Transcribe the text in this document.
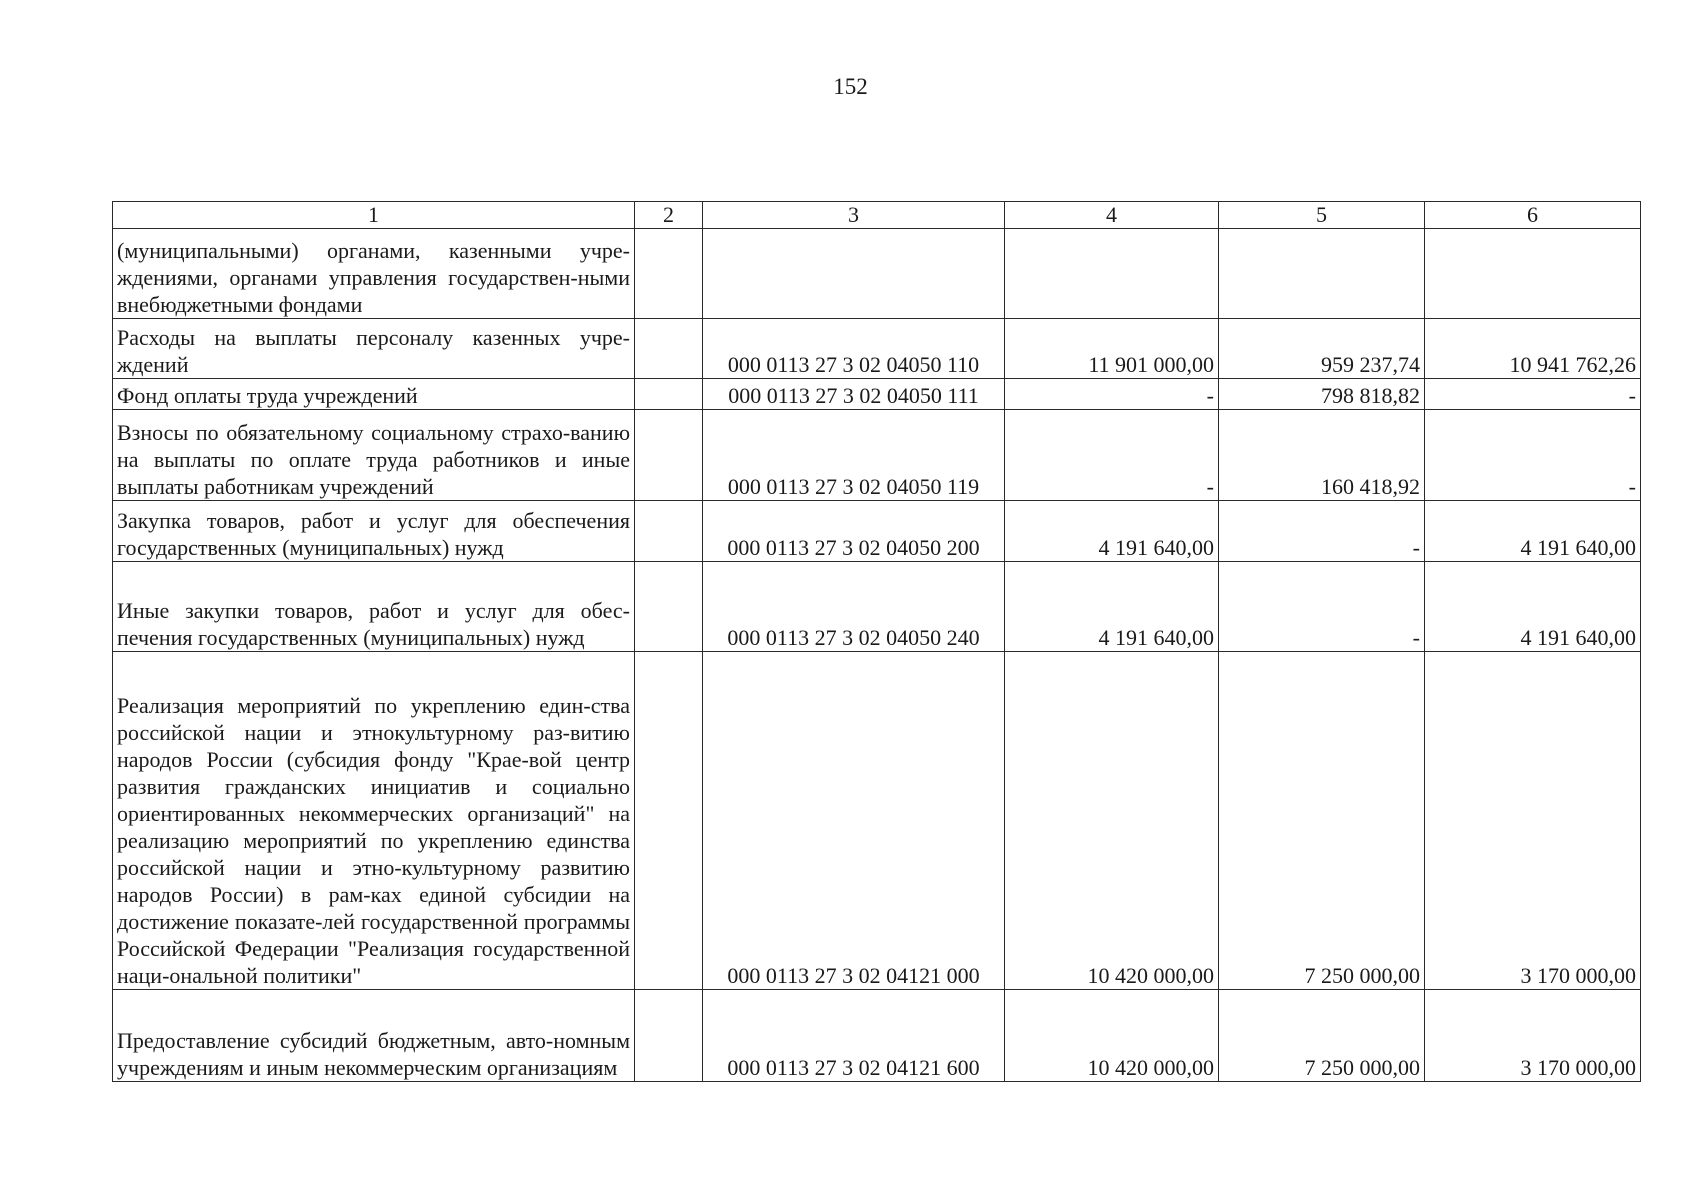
152
1	2	3	4	5	6
(муниципальными) органами, казенными учре-ждениями, органами управления государствен-ными внебюджетными фондами					
Расходы на выплаты персоналу казенных учре-ждений		000 0113 27 3 02 04050 110	11 901 000,00	959 237,74	10 941 762,26
Фонд оплаты труда учреждений		000 0113 27 3 02 04050 111	-	798 818,82	-
Взносы по обязательному социальному страхо-ванию на выплаты по оплате труда работников и иные выплаты работникам учреждений		000 0113 27 3 02 04050 119	-	160 418,92	-
Закупка товаров, работ и услуг для обеспечения государственных (муниципальных) нужд		000 0113 27 3 02 04050 200	4 191 640,00	-	4 191 640,00
Иные закупки товаров, работ и услуг для обес-печения государственных (муниципальных) нужд		000 0113 27 3 02 04050 240	4 191 640,00	-	4 191 640,00
Реализация мероприятий по укреплению един-ства российской нации и этнокультурному раз-витию народов России (субсидия фонду "Крае-вой центр развития гражданских инициатив и социально ориентированных некоммерческих организаций" на реализацию мероприятий по укреплению единства российской нации и этно-культурному развитию народов России) в рам-ках единой субсидии на достижение показате-лей государственной программы Российской Федерации "Реализация государственной наци-ональной политики"		000 0113 27 3 02 04121 000	10 420 000,00	7 250 000,00	3 170 000,00
Предоставление субсидий бюджетным, авто-номным учреждениям и иным некоммерческим организациям		000 0113 27 3 02 04121 600	10 420 000,00	7 250 000,00	3 170 000,00
